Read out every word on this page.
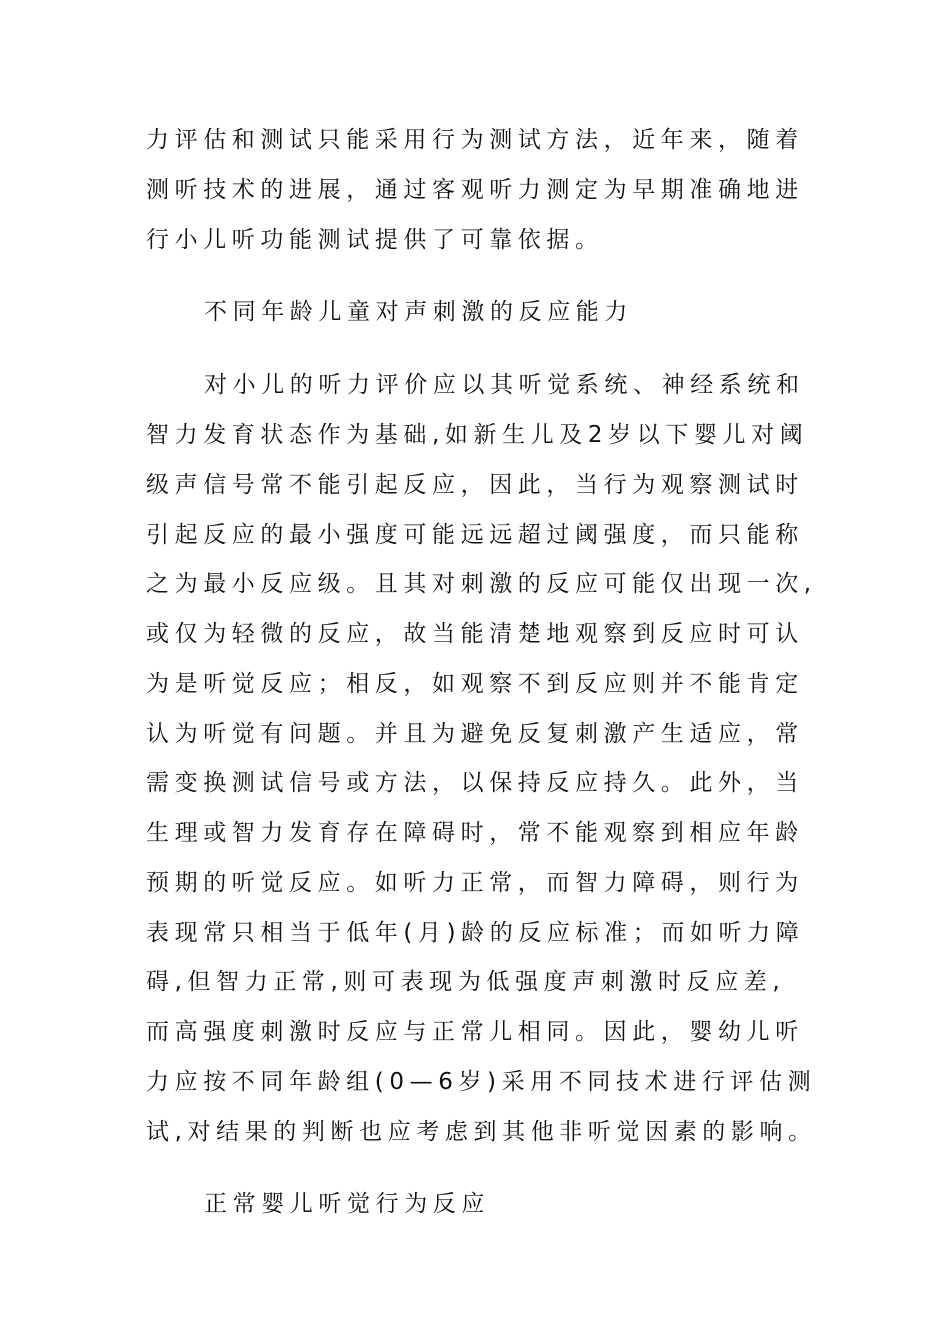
力评估和测试只能采用行为测试方法，近年来，随着

测听技术的进展，通过客观听力测定为早期准确地进

行小儿听功能测试提供了可靠依据。

不同年龄儿童对声刺激的反应能力

对小儿的听力评价应以其听觉系统、神经系统和

智力发育状态作为基础,如新生儿及2岁以下婴儿对阈

级声信号常不能引起反应，因此，当行为观察测试时

引起反应的最小强度可能远远超过阈强度，而只能称

之为最小反应级。且其对刺激的反应可能仅出现一次,

或仅为轻微的反应，故当能清楚地观察到反应时可认

为是听觉反应；相反，如观察不到反应则并不能肯定

认为听觉有问题。并且为避免反复刺激产生适应，常

需变换测试信号或方法，以保持反应持久。此外，当

生理或智力发育存在障碍时，常不能观察到相应年龄

预期的听觉反应。如听力正常，而智力障碍，则行为

表现常只相当于低年(月)龄的反应标准；而如听力障

碍,但智力正常,则可表现为低强度声刺激时反应差,

而高强度刺激时反应与正常儿相同。因此，婴幼儿听

力应按不同年龄组(0—6岁)采用不同技术进行评估测

试,对结果的判断也应考虑到其他非听觉因素的影响。

正常婴儿听觉行为反应
